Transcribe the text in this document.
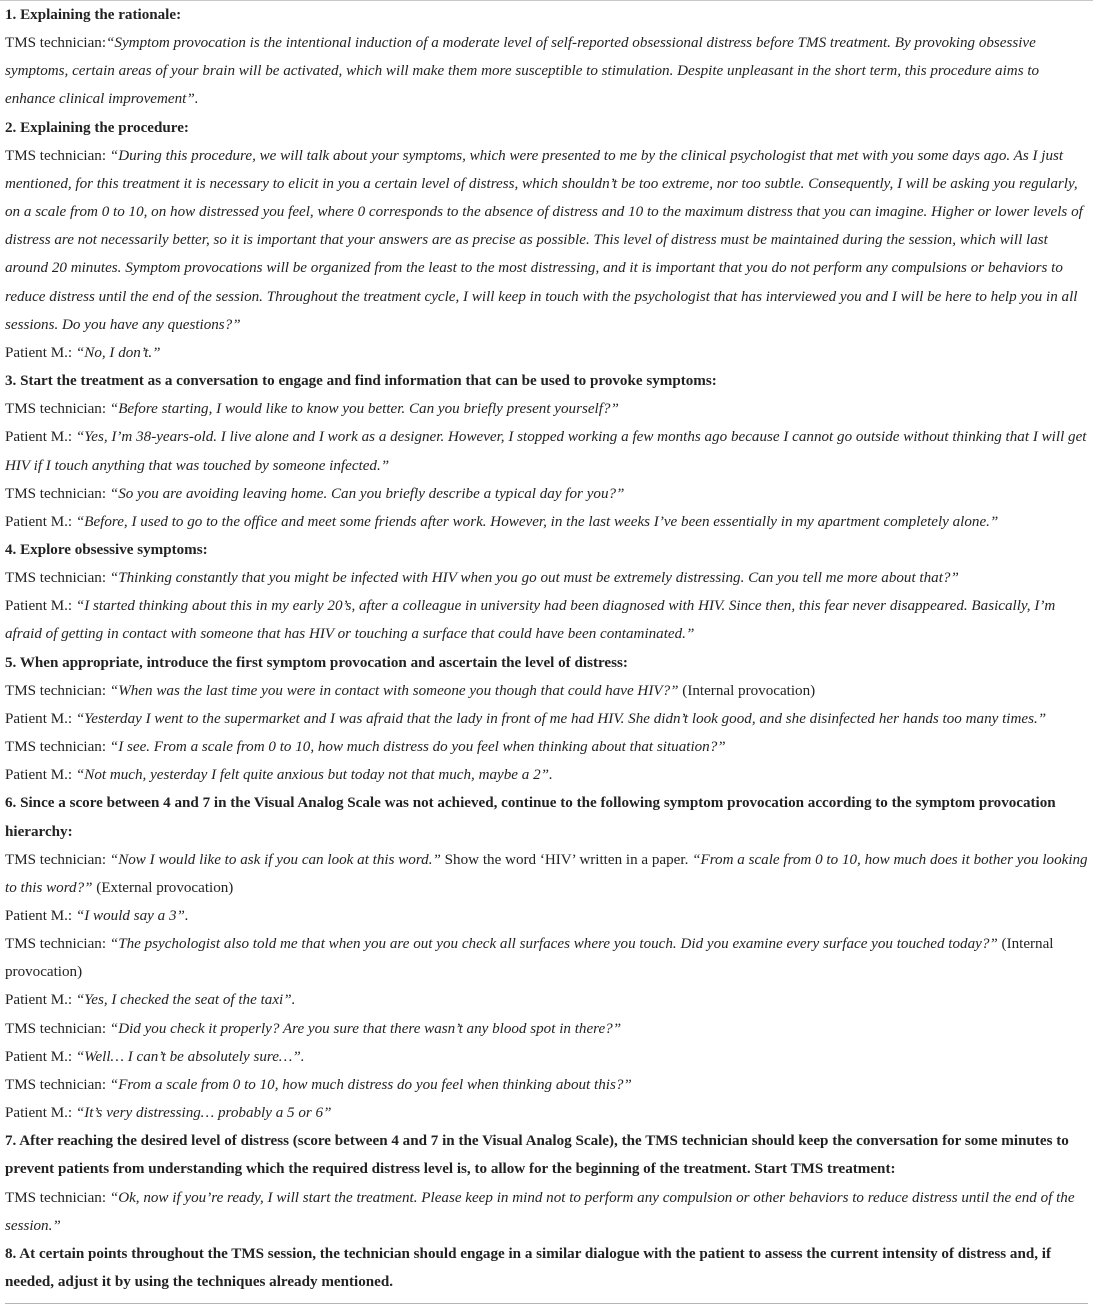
1. Explaining the rationale:

TMS technician:“Symptom provocation is the intentional induction of a moderate level of self-reported obsessional distress before TMS treatment. By provoking obsessive symptoms, certain areas of your brain will be activated, which will make them more susceptible to stimulation. Despite unpleasant in the short term, this procedure aims to enhance clinical improvement”.

2. Explaining the procedure:

TMS technician: “During this procedure, we will talk about your symptoms, which were presented to me by the clinical psychologist that met with you some days ago. As I just mentioned, for this treatment it is necessary to elicit in you a certain level of distress, which shouldn’t be too extreme, nor too subtle. Consequently, I will be asking you regularly, on a scale from 0 to 10, on how distressed you feel, where 0 corresponds to the absence of distress and 10 to the maximum distress that you can imagine. Higher or lower levels of distress are not necessarily better, so it is important that your answers are as precise as possible. This level of distress must be maintained during the session, which will last around 20 minutes. Symptom provocations will be organized from the least to the most distressing, and it is important that you do not perform any compulsions or behaviors to reduce distress until the end of the session. Throughout the treatment cycle, I will keep in touch with the psychologist that has interviewed you and I will be here to help you in all sessions. Do you have any questions?”

Patient M.: “No, I don’t.”

3. Start the treatment as a conversation to engage and find information that can be used to provoke symptoms:

TMS technician: “Before starting, I would like to know you better. Can you briefly present yourself?”

Patient M.: “Yes, I’m 38-years-old. I live alone and I work as a designer. However, I stopped working a few months ago because I cannot go outside without thinking that I will get HIV if I touch anything that was touched by someone infected.”

TMS technician: “So you are avoiding leaving home. Can you briefly describe a typical day for you?”

Patient M.: “Before, I used to go to the office and meet some friends after work. However, in the last weeks I’ve been essentially in my apartment completely alone.”

4. Explore obsessive symptoms:

TMS technician: “Thinking constantly that you might be infected with HIV when you go out must be extremely distressing. Can you tell me more about that?”

Patient M.: “I started thinking about this in my early 20’s, after a colleague in university had been diagnosed with HIV. Since then, this fear never disappeared. Basically, I’m afraid of getting in contact with someone that has HIV or touching a surface that could have been contaminated.”

5. When appropriate, introduce the first symptom provocation and ascertain the level of distress:

TMS technician: “When was the last time you were in contact with someone you though that could have HIV?” (Internal provocation)

Patient M.: “Yesterday I went to the supermarket and I was afraid that the lady in front of me had HIV. She didn’t look good, and she disinfected her hands too many times.”

TMS technician: “I see. From a scale from 0 to 10, how much distress do you feel when thinking about that situation?”

Patient M.: “Not much, yesterday I felt quite anxious but today not that much, maybe a 2”.

6. Since a score between 4 and 7 in the Visual Analog Scale was not achieved, continue to the following symptom provocation according to the symptom provocation hierarchy:

TMS technician: “Now I would like to ask if you can look at this word.” Show the word ‘HIV’ written in a paper. “From a scale from 0 to 10, how much does it bother you looking to this word?” (External provocation)

Patient M.: “I would say a 3”.

TMS technician: “The psychologist also told me that when you are out you check all surfaces where you touch. Did you examine every surface you touched today?” (Internal provocation)

Patient M.: “Yes, I checked the seat of the taxi”.

TMS technician: “Did you check it properly? Are you sure that there wasn’t any blood spot in there?”

Patient M.: “Well… I can’t be absolutely sure…”.

TMS technician: “From a scale from 0 to 10, how much distress do you feel when thinking about this?”

Patient M.: “It’s very distressing… probably a 5 or 6”

7. After reaching the desired level of distress (score between 4 and 7 in the Visual Analog Scale), the TMS technician should keep the conversation for some minutes to prevent patients from understanding which the required distress level is, to allow for the beginning of the treatment. Start TMS treatment:

TMS technician: “Ok, now if you’re ready, I will start the treatment. Please keep in mind not to perform any compulsion or other behaviors to reduce distress until the end of the session.”

8. At certain points throughout the TMS session, the technician should engage in a similar dialogue with the patient to assess the current intensity of distress and, if needed, adjust it by using the techniques already mentioned.
